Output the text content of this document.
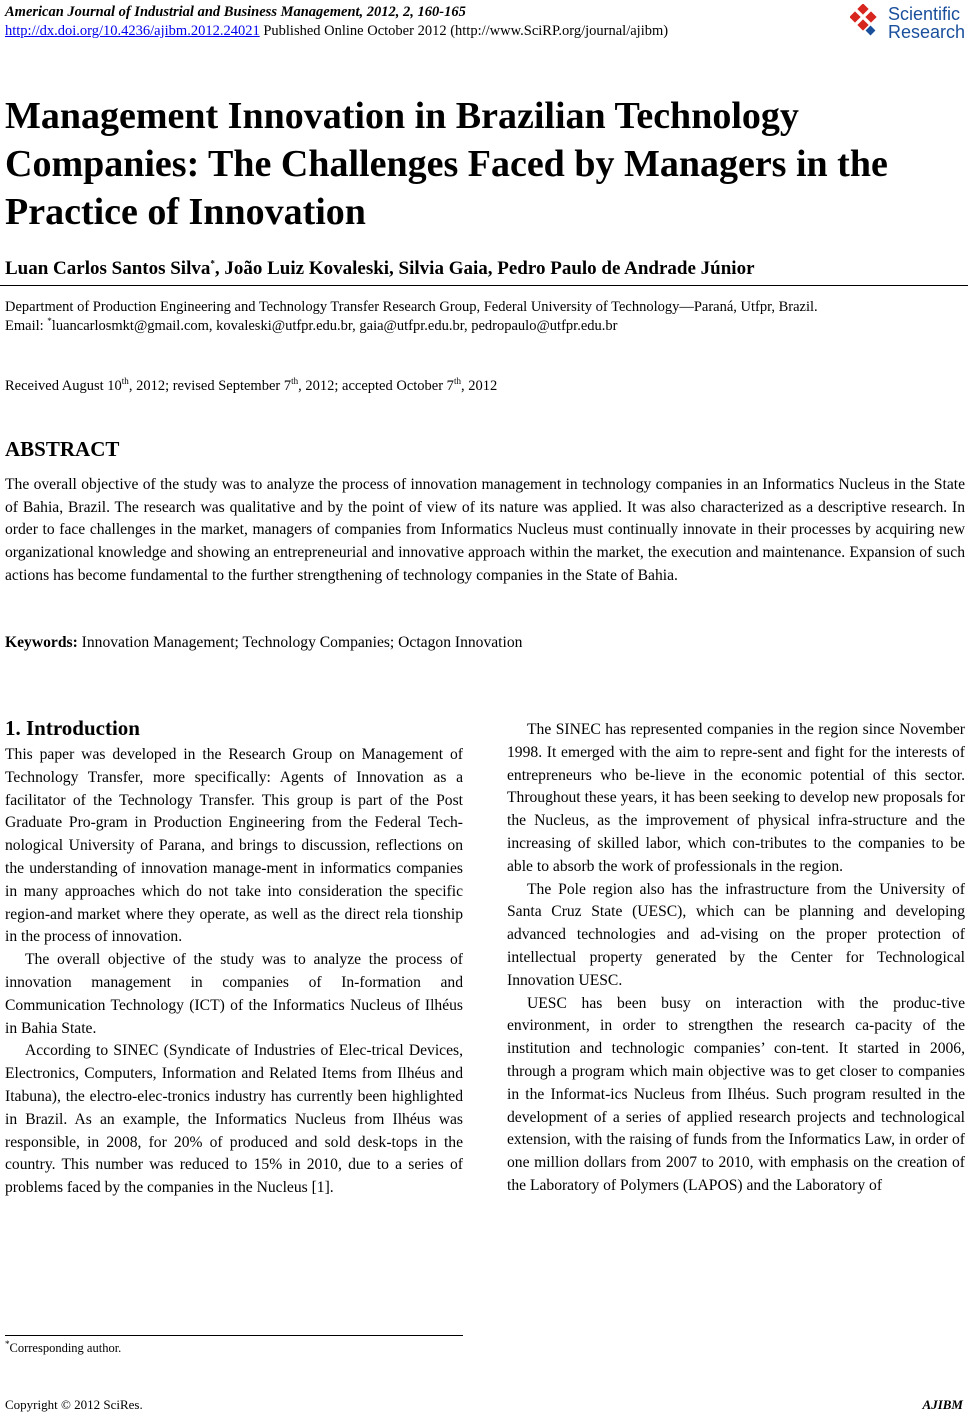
American Journal of Industrial and Business Management, 2012, 2, 160-165
http://dx.doi.org/10.4236/ajibm.2012.24021 Published Online October 2012 (http://www.SciRP.org/journal/ajibm)
Scientific
Research
Management Innovation in Brazilian Technology Companies: The Challenges Faced by Managers in the Practice of Innovation
Luan Carlos Santos Silva*, João Luiz Kovaleski, Silvia Gaia, Pedro Paulo de Andrade Júnior
Department of Production Engineering and Technology Transfer Research Group, Federal University of Technology—Paraná, Utfpr, Brazil.
Email: *luancarlosmkt@gmail.com, kovaleski@utfpr.edu.br, gaia@utfpr.edu.br, pedropaulo@utfpr.edu.br
Received August 10th, 2012; revised September 7th, 2012; accepted October 7th, 2012
ABSTRACT

The overall objective of the study was to analyze the process of innovation management in technology companies in an Informatics Nucleus in the State of Bahia, Brazil. The research was qualitative and by the point of view of its nature was applied. It was also characterized as a descriptive research. In order to face challenges in the market, managers of companies from Informatics Nucleus must continually innovate in their processes by acquiring new organizational knowledge and showing an entrepreneurial and innovative approach within the market, the execution and maintenance. Expansion of such actions has become fundamental to the further strengthening of technology companies in the State of Bahia.

Keywords: Innovation Management; Technology Companies; Octagon Innovation
1. Introduction

This paper was developed in the Research Group on Management of Technology Transfer, more specifically: Agents of Innovation as a facilitator of the Technology Transfer. This group is part of the Post Graduate Pro-gram in Production Engineering from the Federal Tech-nological University of Parana, and brings to discussion, reflections on the understanding of innovation manage-ment in informatics companies in many approaches which do not take into consideration the specific region-and market where they operate, as well as the direct rela tionship in the process of innovation.

The overall objective of the study was to analyze the process of innovation management in companies of In-formation and Communication Technology (ICT) of the Informatics Nucleus of Ilhéus in Bahia State.

According to SINEC (Syndicate of Industries of Elec-trical Devices, Electronics, Computers, Information and Related Items from Ilhéus and Itabuna), the electro-elec-tronics industry has currently been highlighted in Brazil. As an example, the Informatics Nucleus from Ilhéus was responsible, in 2008, for 20% of produced and sold desk-tops in the country. This number was reduced to 15% in 2010, due to a series of problems faced by the companies in the Nucleus [1].

The SINEC has represented companies in the region since November 1998. It emerged with the aim to repre-sent and fight for the interests of entrepreneurs who be-lieve in the economic potential of this sector. Throughout these years, it has been seeking to develop new proposals for the Nucleus, as the improvement of physical infra-structure and the increasing of skilled labor, which con-tributes to the companies to be able to absorb the work of professionals in the region.

The Pole region also has the infrastructure from the University of Santa Cruz State (UESC), which can be planning and developing advanced technologies and ad-vising on the proper protection of intellectual property generated by the Center for Technological Innovation UESC.

UESC has been busy on interaction with the produc-tive environment, in order to strengthen the research ca-pacity of the institution and technologic companies’ con-tent. It started in 2006, through a program which main objective was to get closer to companies in the Informat-ics Nucleus from Ilhéus. Such program resulted in the development of a series of applied research projects and technological extension, with the raising of funds from the Informatics Law, in order of one million dollars from 2007 to 2010, with emphasis on the creation of the Laboratory of Polymers (LAPOS) and the Laboratory of

*Corresponding author.
Copyright © 2012 SciRes.	AJIBM
